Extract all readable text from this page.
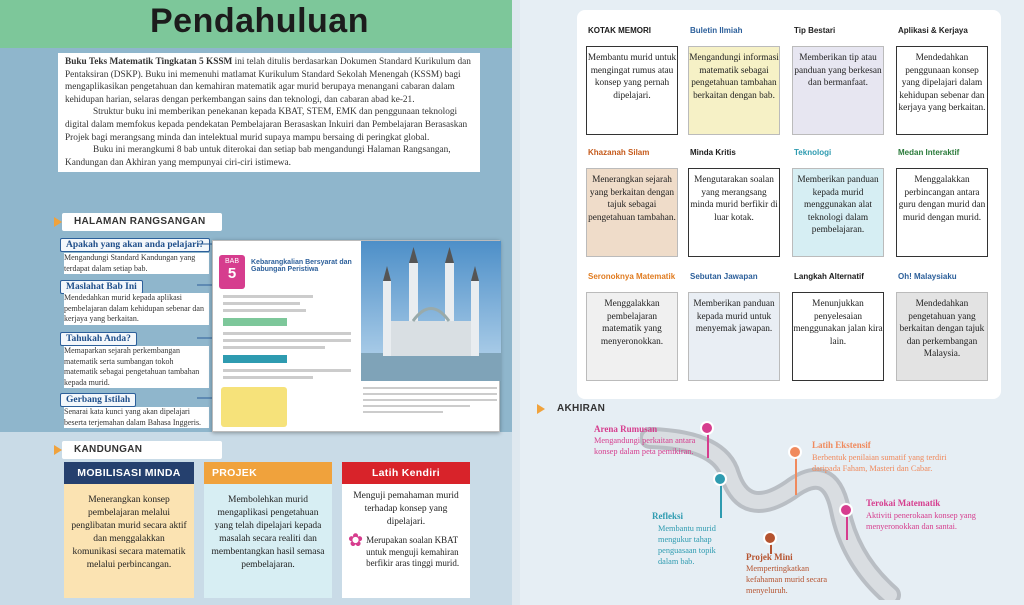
Pendahuluan

Buku Teks Matematik Tingkatan 5 KSSM ini telah ditulis berdasarkan Dokumen Standard Kurikulum dan Pentaksiran (DSKP). Buku ini memenuhi matlamat Kurikulum Standard Sekolah Menengah (KSSM) bagi mengaplikasikan pengetahuan dan kemahiran matematik agar murid berupaya menangani cabaran dalam kehidupan harian, selaras dengan perkembangan sains dan teknologi, dan cabaran abad ke-21.

Struktur buku ini memberikan penekanan kepada KBAT, STEM, EMK dan penggunaan teknologi digital dalam memfokus kepada pendekatan Pembelajaran Berasaskan Inkuiri dan Pembelajaran Berasaskan Projek bagi merangsang minda dan intelektual murid supaya mampu bersaing di peringkat global.

Buku ini merangkumi 8 bab untuk diterokai dan setiap bab mengandungi Halaman Rangsangan, Kandungan dan Akhiran yang mempunyai ciri-ciri istimewa.

HALAMAN RANGSANGAN
Apakah yang akan anda pelajari?
Mengandungi Standard Kandungan yang terdapat dalam setiap bab.
Maslahat Bab Ini
Mendedahkan murid kepada aplikasi pembelajaran dalam kehidupan sebenar dan kerjaya yang berkaitan.
Tahukah Anda?
Memaparkan sejarah perkembangan matematik serta sumbangan tokoh matematik sebagai pengetahuan tambahan kepada murid.
Gerbang Istilah
Senarai kata kunci yang akan dipelajari beserta terjemahan dalam Bahasa Inggeris.
BAB
5
Kebarangkalian Bersyarat dan Gabungan Peristiwa
KANDUNGAN
MOBILISASI MINDA
Menerangkan konsep pembelajaran melalui penglibatan murid secara aktif dan menggalakkan komunikasi secara matematik melalui perbincangan.
PROJEK
Membolehkan murid mengaplikasi pengetahuan yang telah dipelajari kepada masalah secara realiti dan membentangkan hasil semasa pembelajaran.
Latih Kendiri
Menguji pemahaman murid terhadap konsep yang dipelajari.
✿ Merupakan soalan KBAT untuk menguji kemahiran berfikir aras tinggi murid.
KOTAK MEMORI
Membantu murid untuk mengingat rumus atau konsep yang pernah dipelajari.
Buletin Ilmiah
Mengandungi informasi matematik sebagai pengetahuan tambahan berkaitan dengan bab.
Tip Bestari
Memberikan tip atau panduan yang berkesan dan bermanfaat.
Aplikasi & Kerjaya
Mendedahkan penggunaan konsep yang dipelajari dalam kehidupan sebenar dan kerjaya yang berkaitan.
Khazanah Silam
Menerangkan sejarah yang berkaitan dengan tajuk sebagai pengetahuan tambahan.
Minda Kritis
Mengutarakan soalan yang merangsang minda murid berfikir di luar kotak.
Teknologi
Memberikan panduan kepada murid menggunakan alat teknologi dalam pembelajaran.
Medan Interaktif
Menggalakkan perbincangan antara guru dengan murid dan murid dengan murid.
Seronoknya Matematik
Menggalakkan pembelajaran matematik yang menyeronokkan.
Sebutan Jawapan
Memberikan panduan kepada murid untuk menyemak jawapan.
Langkah Alternatif
Menunjukkan penyelesaian menggunakan jalan kira lain.
Oh! Malaysiaku
Mendedahkan pengetahuan yang berkaitan dengan tajuk dan perkembangan Malaysia.
AKHIRAN
Arena Rumusan
Mengandungi perkaitan antara konsep dalam peta pemikiran.
Refleksi
Membantu murid mengukur tahap penguasaan topik dalam bab.	Projek Mini
Mempertingkatkan kefahaman murid secara menyeluruh.
Latih Ekstensif
Berbentuk penilaian sumatif yang terdiri daripada Faham, Masteri dan Cabar.
Terokai Matematik
Aktiviti penerokaan konsep yang menyeronokkan dan santai.
